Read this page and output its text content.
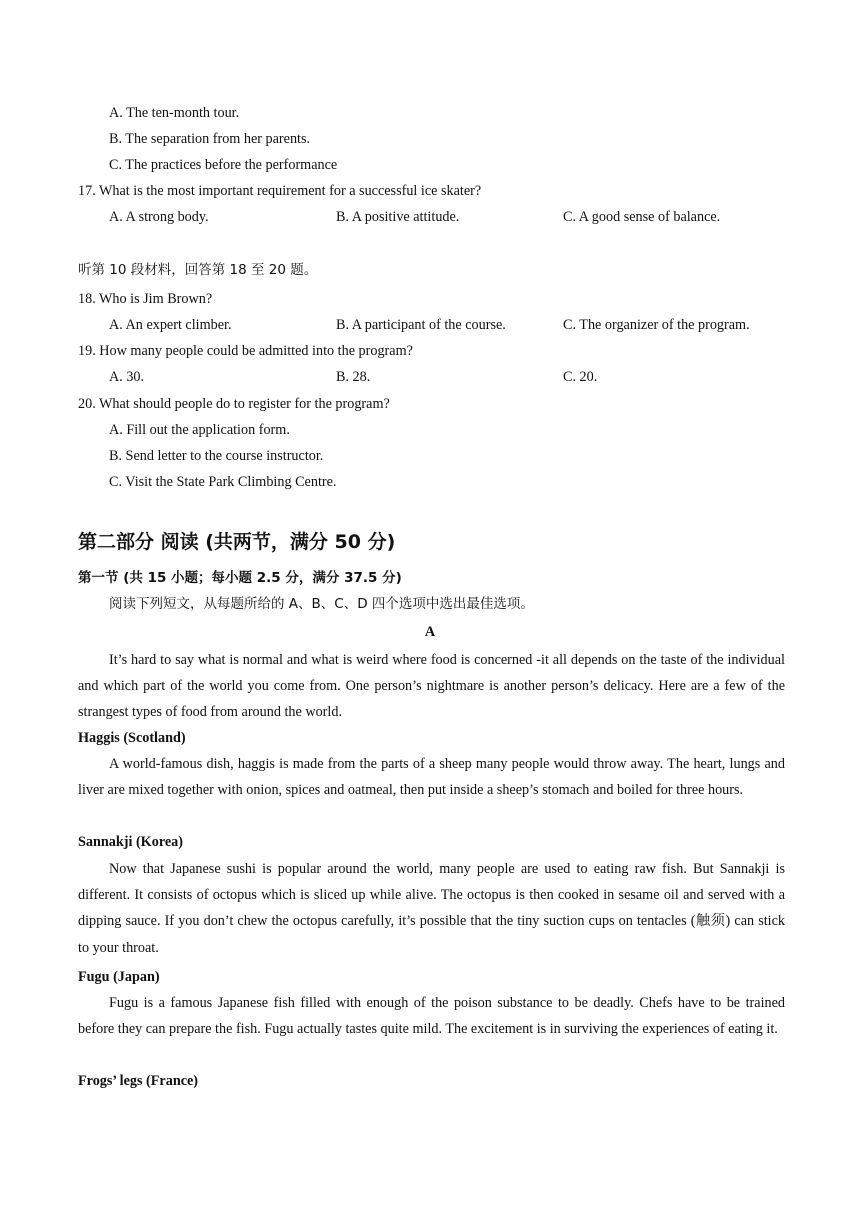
A. The ten-month tour.
B. The separation from her parents.
C. The practices before the performance
17. What is the most important requirement for a successful ice skater?
A. A strong body.	B. A positive attitude.	C. A good sense of balance.
听第 10 段材料，回答第 18 至 20 题。
18. Who is Jim Brown?
A. An expert climber.	B. A participant of the course.	C. The organizer of the program.
19. How many people could be admitted into the program?
A. 30.	B. 28.	C. 20.
20. What should people do to register for the program?
A. Fill out the application form.
B. Send letter to the course instructor.
C. Visit the State Park Climbing Centre.
第二部分 阅读 (共两节，满分 50 分)
第一节 (共 15 小题；每小题 2.5 分，满分 37.5 分)
阅读下列短文，从每题所给的 A、B、C、D 四个选项中选出最佳选项。
A
It’s hard to say what is normal and what is weird where food is concerned -it all depends on the taste of the individual and which part of the world you come from. One person’s nightmare is another person’s delicacy. Here are a few of the strangest types of food from around the world.
Haggis (Scotland)
A world-famous dish, haggis is made from the parts of a sheep many people would throw away. The heart, lungs and liver are mixed together with onion, spices and oatmeal, then put inside a sheep’s stomach and boiled for three hours.
Sannakji (Korea)
Now that Japanese sushi is popular around the world, many people are used to eating raw fish. But Sannakji is different. It consists of octopus which is sliced up while alive. The octopus is then cooked in sesame oil and served with a dipping sauce. If you don’t chew the octopus carefully, it’s possible that the tiny suction cups on tentacles (触须) can stick to your throat.
Fugu (Japan)
Fugu is a famous Japanese fish filled with enough of the poison substance to be deadly. Chefs have to be trained before they can prepare the fish. Fugu actually tastes quite mild. The excitement is in surviving the experiences of eating it.
Frogs’ legs (France)
